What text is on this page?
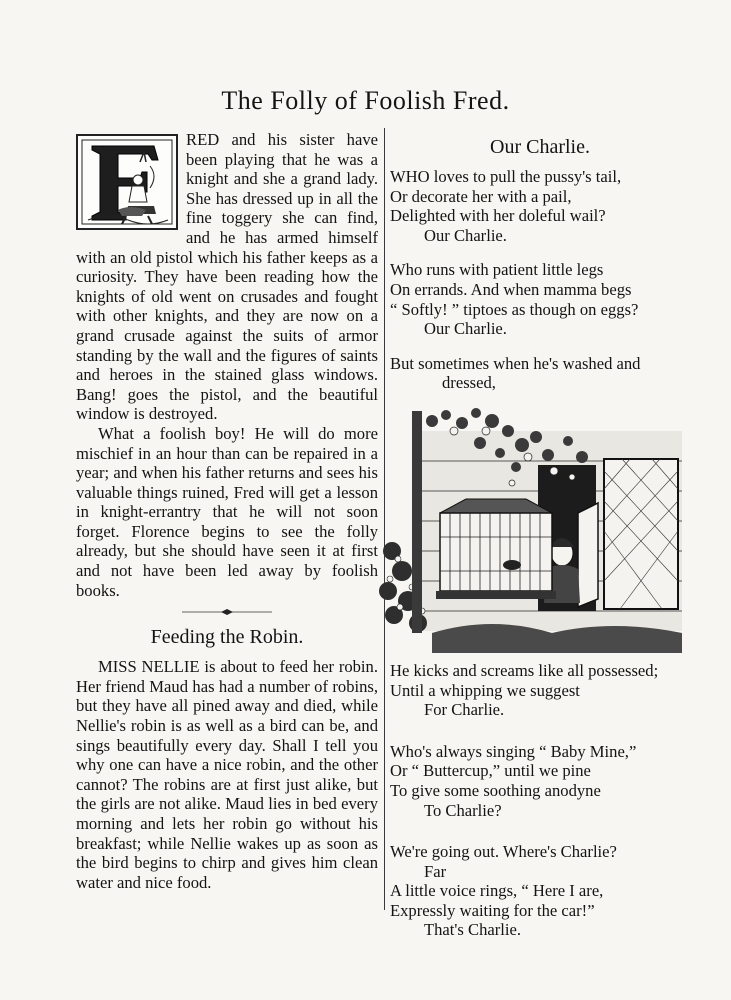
The Folly of Foolish Fred.

RED and his sister have been playing that he was a knight and she a grand lady. She has dressed up in all the fine toggery she can find, and he has armed himself with an old pistol which his father keeps as a curiosity. They have been reading how the knights of old went on crusades and fought with other knights, and they are now on a grand crusade against the suits of armor standing by the wall and the figures of saints and heroes in the stained glass windows. Bang! goes the pistol, and the beautiful window is destroyed.

What a foolish boy! He will do more mischief in an hour than can be repaired in a year; and when his father returns and sees his valuable things ruined, Fred will get a lesson in knight-errantry that he will not soon forget. Florence begins to see the folly already, but she should have seen it at first and not have been led away by foolish books.

Feeding the Robin.

MISS NELLIE is about to feed her robin. Her friend Maud has had a number of robins, but they have all pined away and died, while Nellie's robin is as well as a bird can be, and sings beautifully every day. Shall I tell you why one can have a nice robin, and the other cannot? The robins are at first just alike, but the girls are not alike. Maud lies in bed every morning and lets her robin go without his breakfast; while Nellie wakes up as soon as the bird begins to chirp and gives him clean water and nice food.

Our Charlie.
WHO loves to pull the pussy's tail,
Or decorate her with a pail,
Delighted with her doleful wail?
Our Charlie.
Who runs with patient little legs
On errands. And when mamma begs
“ Softly! ” tiptoes as though on eggs?
Our Charlie.
But sometimes when he's washed and
dressed,
He kicks and screams like all possessed;
Until a whipping we suggest
For Charlie.
Who's always singing “ Baby Mine,”
Or “ Buttercup,” until we pine
To give some soothing anodyne
To Charlie?
We're going out. Where's Charlie?
Far
A little voice rings, “ Here I are,
Expressly waiting for the car!”
That's Charlie.
